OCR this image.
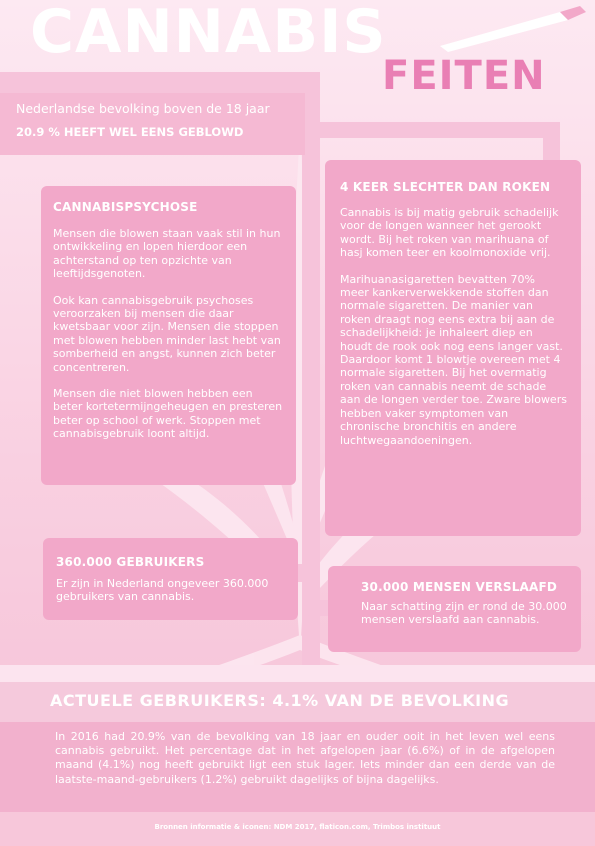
CANNABIS
FEITEN
Nederlandse bevolking boven de 18 jaar
20.9 % HEEFT WEL EENS GEBLOWD
CANNABISPSYCHOSE

Mensen die blowen staan vaak stil in hun ontwikkeling en lopen hierdoor een achterstand op ten opzichte van leeftijdsgenoten.

Ook kan cannabisgebruik psychoses veroorzaken bij mensen die daar kwetsbaar voor zijn. Mensen die stoppen met blowen hebben minder last hebt van somberheid en angst, kunnen zich beter concentreren.

Mensen die niet blowen hebben een beter kortetermijngeheugen en presteren beter op school of werk. Stoppen met cannabisgebruik loont altijd.

4 KEER SLECHTER DAN ROKEN

Cannabis is bij matig gebruik schadelijk voor de longen wanneer het gerookt wordt. Bij het roken van marihuana of hasj komen teer en koolmonoxide vrij.

Marihuanasigaretten bevatten 70% meer kankerverwekkende stoffen dan normale sigaretten. De manier van roken draagt nog eens extra bij aan de schadelijkheid: je inhaleert diep en houdt de rook ook nog eens langer vast. Daardoor komt 1 blowtje overeen met 4 normale sigaretten. Bij het overmatig roken van cannabis neemt de schade aan de longen verder toe. Zware blowers hebben vaker symptomen van chronische bronchitis en andere luchtwegaandoeningen.

360.000 GEBRUIKERS

Er zijn in Nederland ongeveer 360.000 gebruikers van cannabis.

30.000 MENSEN VERSLAAFD

Naar schatting zijn er rond de 30.000 mensen verslaafd aan cannabis.

ACTUELE GEBRUIKERS: 4.1% VAN DE BEVOLKING

In 2016 had 20.9% van de bevolking van 18 jaar en ouder ooit in het leven wel eens cannabis gebruikt. Het percentage dat in het afgelopen jaar (6.6%) of in de afgelopen maand (4.1%) nog heeft gebruikt ligt een stuk lager. Iets minder dan een derde van de laatste-maand-gebruikers (1.2%) gebruikt dagelijks of bijna dagelijks.

Bronnen informatie & iconen: NDM 2017, flaticon.com, Trimbos instituut
